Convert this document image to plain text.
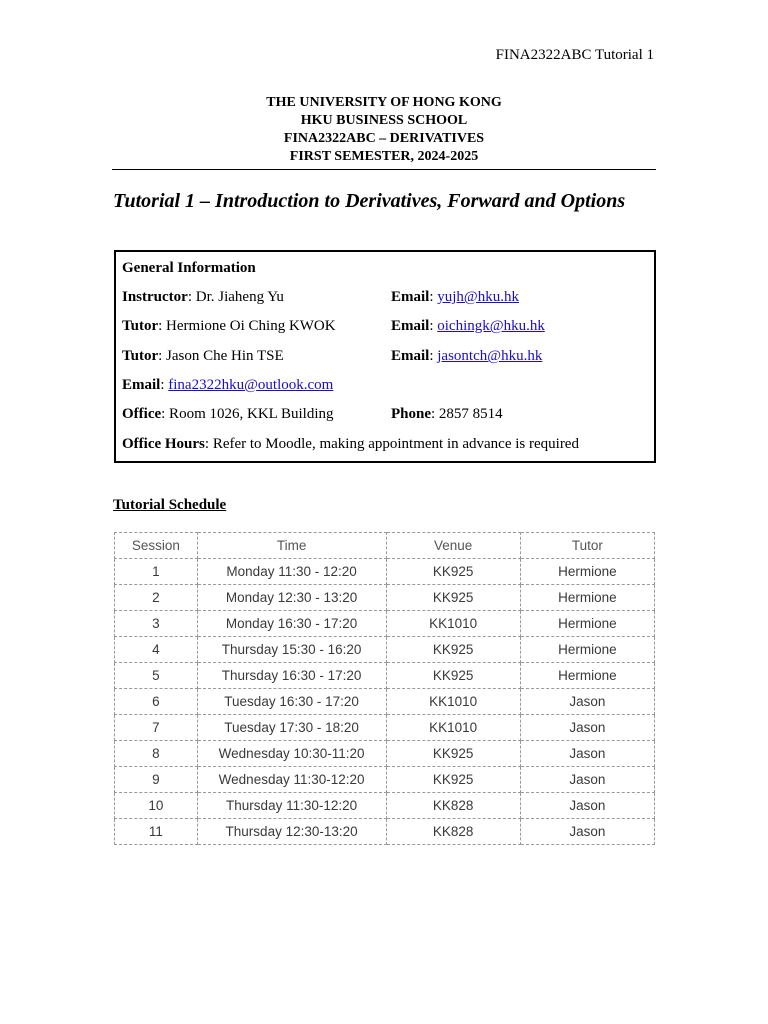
FINA2322ABC Tutorial 1
THE UNIVERSITY OF HONG KONG
HKU BUSINESS SCHOOL
FINA2322ABC – DERIVATIVES
FIRST SEMESTER, 2024-2025
Tutorial 1 – Introduction to Derivatives, Forward and Options
General Information
Instructor: Dr. Jiaheng Yu	Email: yujh@hku.hk
Tutor: Hermione Oi Ching KWOK	Email: oichingk@hku.hk
Tutor: Jason Che Hin TSE	Email: jasontch@hku.hk
Email: fina2322hku@outlook.com
Office: Room 1026, KKL Building	Phone: 2857 8514
Office Hours: Refer to Moodle, making appointment in advance is required
Tutorial Schedule
Session	Time	Venue	Tutor
1	Monday 11:30 - 12:20	KK925	Hermione
2	Monday 12:30 - 13:20	KK925	Hermione
3	Monday 16:30 - 17:20	KK1010	Hermione
4	Thursday 15:30 - 16:20	KK925	Hermione
5	Thursday 16:30 - 17:20	KK925	Hermione
6	Tuesday 16:30 - 17:20	KK1010	Jason
7	Tuesday 17:30 - 18:20	KK1010	Jason
8	Wednesday 10:30-11:20	KK925	Jason
9	Wednesday 11:30-12:20	KK925	Jason
10	Thursday 11:30-12:20	KK828	Jason
11	Thursday 12:30-13:20	KK828	Jason
